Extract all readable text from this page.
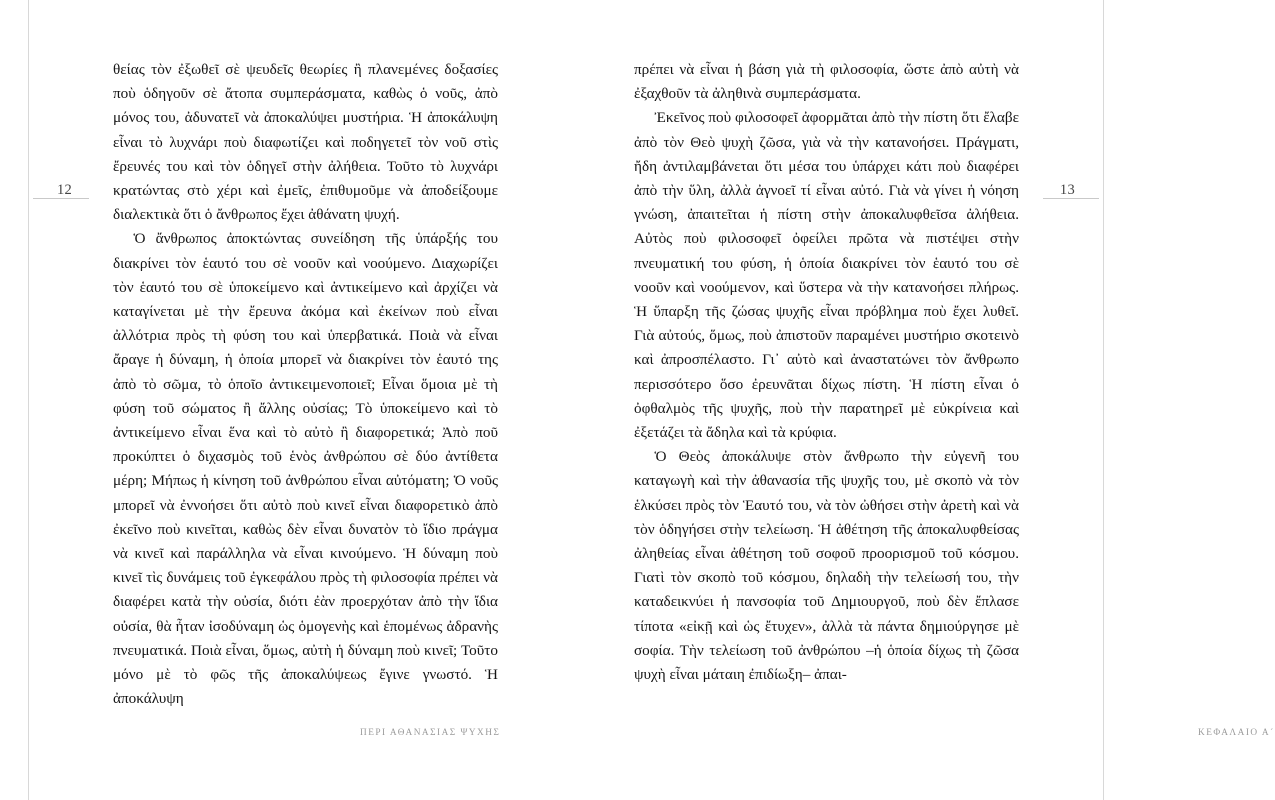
12

θείας τὸν ἐξωθεῖ σὲ ψευδεῖς θεωρίες ἢ πλανεμένες δοξασίες ποὺ ὁδηγοῦν σὲ ἄτοπα συμπεράσματα, καθὼς ὁ νοῦς, ἀπὸ μόνος του, ἀδυνατεῖ νὰ ἀποκαλύψει μυστήρια. Ἡ ἀποκάλυψη εἶναι τὸ λυχνάρι ποὺ διαφωτίζει καὶ ποδηγετεῖ τὸν νοῦ στὶς ἔρευνές του καὶ τὸν ὁδηγεῖ στὴν ἀλήθεια. Τοῦτο τὸ λυχνάρι κρατώντας στὸ χέρι καὶ ἐμεῖς, ἐπιθυμοῦμε νὰ ἀποδείξουμε διαλεκτικὰ ὅτι ὁ ἄνθρωπος ἔχει ἀθάνατη ψυχή.

Ὁ ἄνθρωπος ἀποκτώντας συνείδηση τῆς ὑπάρξής του διακρίνει τὸν ἑαυτό του σὲ νοοῦν καὶ νοούμενο. Διαχωρίζει τὸν ἑαυτό του σὲ ὑποκείμενο καὶ ἀντικείμενο καὶ ἀρχίζει νὰ καταγίνεται μὲ τὴν ἔρευνα ἀκόμα καὶ ἐκείνων ποὺ εἶναι ἀλλότρια πρὸς τὴ φύση του καὶ ὑπερβατικά. Ποιὰ νὰ εἶναι ἄραγε ἡ δύναμη, ἡ ὁποία μπορεῖ νὰ διακρίνει τὸν ἑαυτό της ἀπὸ τὸ σῶμα, τὸ ὁποῖο ἀντικειμενοποιεῖ; Εἶναι ὅμοια μὲ τὴ φύση τοῦ σώματος ἢ ἄλλης οὐσίας; Τὸ ὑποκείμενο καὶ τὸ ἀντικείμενο εἶναι ἕνα καὶ τὸ αὐτὸ ἢ διαφορετικά; Ἀπὸ ποῦ προκύπτει ὁ διχασμὸς τοῦ ἑνὸς ἀνθρώπου σὲ δύο ἀντίθετα μέρη; Μήπως ἡ κίνηση τοῦ ἀνθρώπου εἶναι αὐτόματη; Ὁ νοῦς μπορεῖ νὰ ἐννοήσει ὅτι αὐτὸ ποὺ κινεῖ εἶναι διαφορετικὸ ἀπὸ ἐκεῖνο ποὺ κινεῖται, καθὼς δὲν εἶναι δυνατὸν τὸ ἴδιο πράγμα νὰ κινεῖ καὶ παράλληλα νὰ εἶναι κινούμενο. Ἡ δύναμη ποὺ κινεῖ τὶς δυνάμεις τοῦ ἐγκεφάλου πρὸς τὴ φιλοσοφία πρέπει νὰ διαφέρει κατὰ τὴν οὐσία, διότι ἐὰν προερχόταν ἀπὸ τὴν ἴδια οὐσία, θὰ ἦταν ἰσοδύναμη ὡς ὁμογενὴς καὶ ἑπομένως ἀδρανὴς πνευματικά. Ποιὰ εἶναι, ὅμως, αὐτὴ ἡ δύναμη ποὺ κινεῖ; Τοῦτο μόνο μὲ τὸ φῶς τῆς ἀποκαλύψεως ἔγινε γνωστό. Ἡ ἀποκάλυψη

ΠΕΡΙ ΑΘΑΝΑΣΙΑΣ ΨΥΧΗΣ
13

πρέπει νὰ εἶναι ἡ βάση γιὰ τὴ φιλοσοφία, ὥστε ἀπὸ αὐτὴ νὰ ἐξαχθοῦν τὰ ἀληθινὰ συμπεράσματα.

Ἐκεῖνος ποὺ φιλοσοφεῖ ἀφορμᾶται ἀπὸ τὴν πίστη ὅτι ἔλαβε ἀπὸ τὸν Θεὸ ψυχὴ ζῶσα, γιὰ νὰ τὴν κατανοήσει. Πράγματι, ἤδη ἀντιλαμβάνεται ὅτι μέσα του ὑπάρχει κάτι ποὺ διαφέρει ἀπὸ τὴν ὕλη, ἀλλὰ ἀγνοεῖ τί εἶναι αὐτό. Γιὰ νὰ γίνει ἡ νόηση γνώση, ἀπαιτεῖται ἡ πίστη στὴν ἀποκαλυφθεῖσα ἀλήθεια. Αὐτὸς ποὺ φιλοσοφεῖ ὀφείλει πρῶτα νὰ πιστέψει στὴν πνευματική του φύση, ἡ ὁποία διακρίνει τὸν ἑαυτό του σὲ νοοῦν καὶ νοούμενον, καὶ ὕστερα νὰ τὴν κατανοήσει πλήρως. Ἡ ὕπαρξη τῆς ζώσας ψυχῆς εἶναι πρόβλημα ποὺ ἔχει λυθεῖ. Γιὰ αὐτούς, ὅμως, ποὺ ἀπιστοῦν παραμένει μυστήριο σκοτεινὸ καὶ ἀπροσπέλαστο. Γι᾽ αὐτὸ καὶ ἀναστατώνει τὸν ἄνθρωπο περισσότερο ὅσο ἐρευνᾶται δίχως πίστη. Ἡ πίστη εἶναι ὁ ὀφθαλμὸς τῆς ψυχῆς, ποὺ τὴν παρατηρεῖ μὲ εὐκρίνεια καὶ ἐξετάζει τὰ ἄδηλα καὶ τὰ κρύφια.

Ὁ Θεὸς ἀποκάλυψε στὸν ἄνθρωπο τὴν εὐγενῆ του καταγωγὴ καὶ τὴν ἀθανασία τῆς ψυχῆς του, μὲ σκοπὸ νὰ τὸν ἑλκύσει πρὸς τὸν Ἑαυτό του, νὰ τὸν ὠθήσει στὴν ἀρετὴ καὶ νὰ τὸν ὁδηγήσει στὴν τελείωση. Ἡ ἀθέτηση τῆς ἀποκαλυφθείσας ἀληθείας εἶναι ἀθέτηση τοῦ σοφοῦ προορισμοῦ τοῦ κόσμου. Γιατὶ τὸν σκοπὸ τοῦ κόσμου, δηλαδὴ τὴν τελείωσή του, τὴν καταδεικνύει ἡ πανσοφία τοῦ Δημιουργοῦ, ποὺ δὲν ἔπλασε τίποτα «εἰκῇ καὶ ὡς ἔτυχεν», ἀλλὰ τὰ πάντα δημιούργησε μὲ σοφία. Τὴν τελείωση τοῦ ἀνθρώπου –ἡ ὁποία δίχως τὴ ζῶσα ψυχὴ εἶναι μάταιη ἐπιδίωξη– ἀπαι-

ΚΕΦΑΛΑΙΟ Α´
